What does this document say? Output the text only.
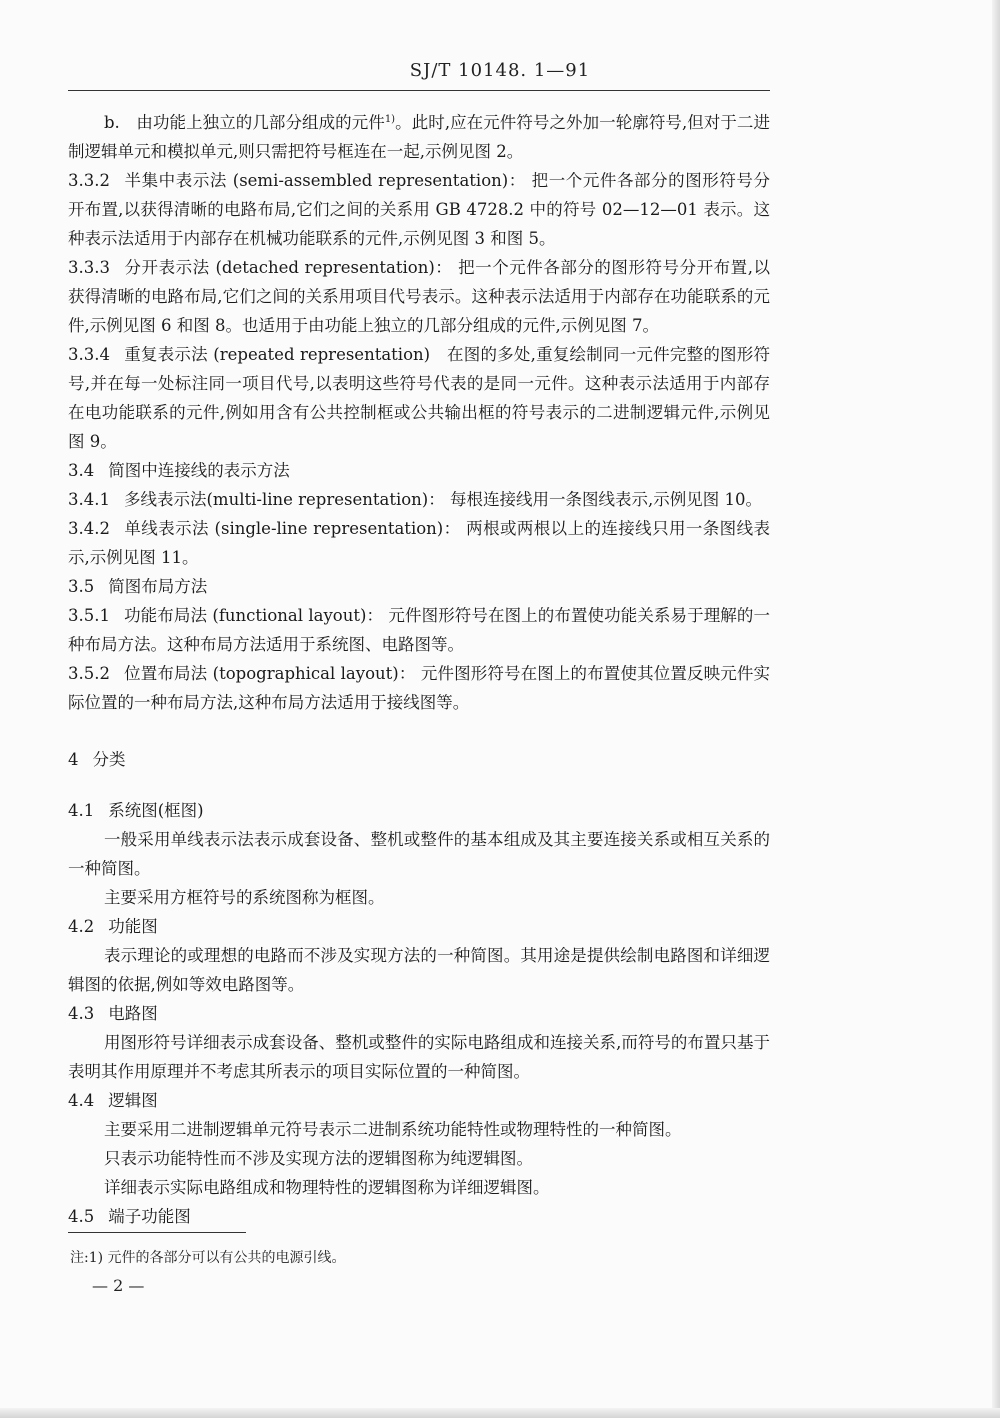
SJ/T 10148. 1—91

b.　由功能上独立的几部分组成的元件$^{1)}$。此时,应在元件符号之外加一轮廓符号,但对于二进制逻辑单元和模拟单元,则只需把符号框连在一起,示例见图 2。

3.3.2 半集中表示法 (semi-assembled representation)： 把一个元件各部分的图形符号分开布置,以获得清晰的电路布局,它们之间的关系用 GB 4728.2 中的符号 02—12—01 表示。这种表示法适用于内部存在机械功能联系的元件,示例见图 3 和图 5。

3.3.3 分开表示法 (detached representation)： 把一个元件各部分的图形符号分开布置,以获得清晰的电路布局,它们之间的关系用项目代号表示。这种表示法适用于内部存在功能联系的元件,示例见图 6 和图 8。也适用于由功能上独立的几部分组成的元件,示例见图 7。

3.3.4 重复表示法 (repeated representation)　在图的多处,重复绘制同一元件完整的图形符号,并在每一处标注同一项目代号,以表明这些符号代表的是同一元件。这种表示法适用于内部存在电功能联系的元件,例如用含有公共控制框或公共输出框的符号表示的二进制逻辑元件,示例见图 9。

3.4 简图中连接线的表示方法

3.4.1 多线表示法(multi-line representation)： 每根连接线用一条图线表示,示例见图 10。

3.4.2 单线表示法 (single-line representation)： 两根或两根以上的连接线只用一条图线表示,示例见图 11。

3.5 简图布局方法

3.5.1 功能布局法 (functional layout)： 元件图形符号在图上的布置使功能关系易于理解的一种布局方法。这种布局方法适用于系统图、电路图等。

3.5.2 位置布局法 (topographical layout)： 元件图形符号在图上的布置使其位置反映元件实际位置的一种布局方法,这种布局方法适用于接线图等。

4 分类

4.1 系统图(框图)

一般采用单线表示法表示成套设备、整机或整件的基本组成及其主要连接关系或相互关系的一种简图。

主要采用方框符号的系统图称为框图。

4.2 功能图

表示理论的或理想的电路而不涉及实现方法的一种简图。其用途是提供绘制电路图和详细逻辑图的依据,例如等效电路图等。

4.3 电路图

用图形符号详细表示成套设备、整机或整件的实际电路组成和连接关系,而符号的布置只基于表明其作用原理并不考虑其所表示的项目实际位置的一种简图。

4.4 逻辑图

主要采用二进制逻辑单元符号表示二进制系统功能特性或物理特性的一种简图。

只表示功能特性而不涉及实现方法的逻辑图称为纯逻辑图。

详细表示实际电路组成和物理特性的逻辑图称为详细逻辑图。

4.5 端子功能图

注:1) 元件的各部分可以有公共的电源引线。
— 2 —
